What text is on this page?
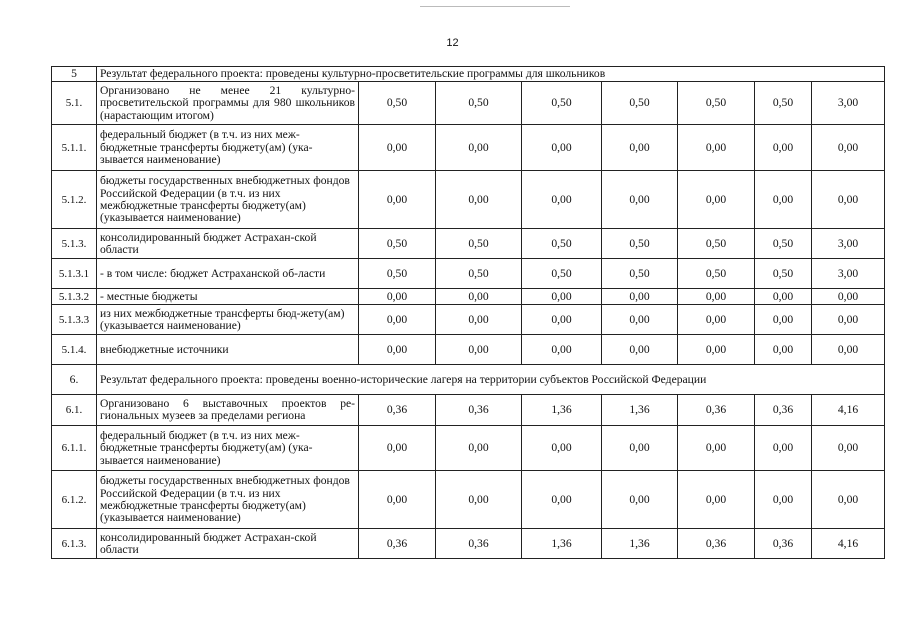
12
5	Результат федерального проекта: проведены культурно-просветительские программы для школьников							
5.1.	Организовано не менее 21 культурно-просветительской программы для 980 школьников (нарастающим итогом)	0,50	0,50	0,50	0,50	0,50	0,50	3,00
5.1.1.	федеральный бюджет (в т.ч. из них меж-бюджетные трансферты бюджету(ам) (ука-зывается наименование)	0,00	0,00	0,00	0,00	0,00	0,00	0,00
5.1.2.	бюджеты государственных внебюджетных фондов Российской Федерации (в т.ч. из них межбюджетные трансферты бюджету(ам) (указывается наименование)	0,00	0,00	0,00	0,00	0,00	0,00	0,00
5.1.3.	консолидированный бюджет Астрахан-ской области	0,50	0,50	0,50	0,50	0,50	0,50	3,00
5.1.3.1	- в том числе: бюджет Астраханской об-ласти	0,50	0,50	0,50	0,50	0,50	0,50	3,00
5.1.3.2	- местные бюджеты	0,00	0,00	0,00	0,00	0,00	0,00	0,00
5.1.3.3	из них межбюджетные трансферты бюд-жету(ам) (указывается наименование)	0,00	0,00	0,00	0,00	0,00	0,00	0,00
5.1.4.	внебюджетные источники	0,00	0,00	0,00	0,00	0,00	0,00	0,00
6.	Результат федерального проекта: проведены военно-исторические лагеря на территории субъектов Российской Федерации							
6.1.	Организовано 6 выставочных проектов ре-гиональных музеев за пределами региона	0,36	0,36	1,36	1,36	0,36	0,36	4,16
6.1.1.	федеральный бюджет (в т.ч. из них меж-бюджетные трансферты бюджету(ам) (ука-зывается наименование)	0,00	0,00	0,00	0,00	0,00	0,00	0,00
6.1.2.	бюджеты государственных внебюджетных фондов Российской Федерации (в т.ч. из них межбюджетные трансферты бюджету(ам) (указывается наименование)	0,00	0,00	0,00	0,00	0,00	0,00	0,00
6.1.3.	консолидированный бюджет Астрахан-ской области	0,36	0,36	1,36	1,36	0,36	0,36	4,16
